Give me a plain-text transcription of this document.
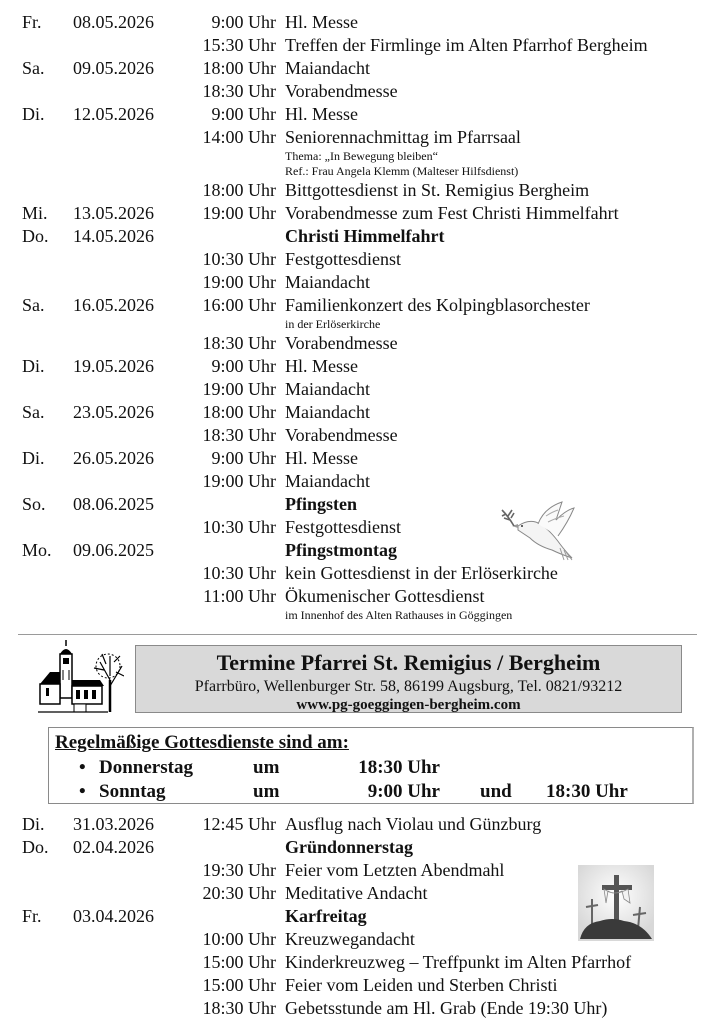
Fr. 08.05.2026	9:00 Uhr Hl. Messe
15:30 Uhr Treffen der Firmlinge im Alten Pfarrhof Bergheim
Sa. 09.05.2026	18:00 Uhr Maiandacht
18:30 Uhr Vorabendmesse
Di. 12.05.2026	9:00 Uhr Hl. Messe
14:00 Uhr Seniorennachmittag im Pfarrsaal
Thema: „In Bewegung bleiben“
Ref.: Frau Angela Klemm (Malteser Hilfsdienst)
18:00 Uhr Bittgottesdienst in St. Remigius Bergheim
Mi. 13.05.2026	19:00 Uhr Vorabendmesse zum Fest Christi Himmelfahrt
Do. 14.05.2026	Christi Himmelfahrt
10:30 Uhr Festgottesdienst
19:00 Uhr Maiandacht
Sa. 16.05.2026	16:00 Uhr Familienkonzert des Kolpingblasorchester
in der Erlöserkirche
18:30 Uhr Vorabendmesse
Di. 19.05.2026	9:00 Uhr Hl. Messe
19:00 Uhr Maiandacht
Sa. 23.05.2026	18:00 Uhr Maiandacht
18:30 Uhr Vorabendmesse
Di. 26.05.2026	9:00 Uhr Hl. Messe
19:00 Uhr Maiandacht
So. 08.06.2025	Pfingsten
10:30 Uhr Festgottesdienst
Mo. 09.06.2025	Pfingstmontag
10:30 Uhr kein Gottesdienst in der Erlöserkirche
11:00 Uhr Ökumenischer Gottesdienst
im Innenhof des Alten Rathauses in Göggingen
Termine Pfarrei St. Remigius / Bergheim
Pfarrbüro, Wellenburger Str. 58, 86199 Augsburg, Tel. 0821/93212
www.pg-goeggingen-bergheim.com
Regelmäßige Gottesdienste sind am:
• Donnerstag	um	18:30 Uhr
• Sonntag	um	9:00 Uhr und 18:30 Uhr
Di. 31.03.2026	12:45 Uhr Ausflug nach Violau und Günzburg
Do. 02.04.2026	Gründonnerstag
19:30 Uhr Feier vom Letzten Abendmahl
20:30 Uhr Meditative Andacht
Fr. 03.04.2026	Karfreitag
10:00 Uhr Kreuzwegandacht
15:00 Uhr Kinderkreuzweg – Treffpunkt im Alten Pfarrhof
15:00 Uhr Feier vom Leiden und Sterben Christi
18:30 Uhr Gebetsstunde am Hl. Grab (Ende 19:30 Uhr)
